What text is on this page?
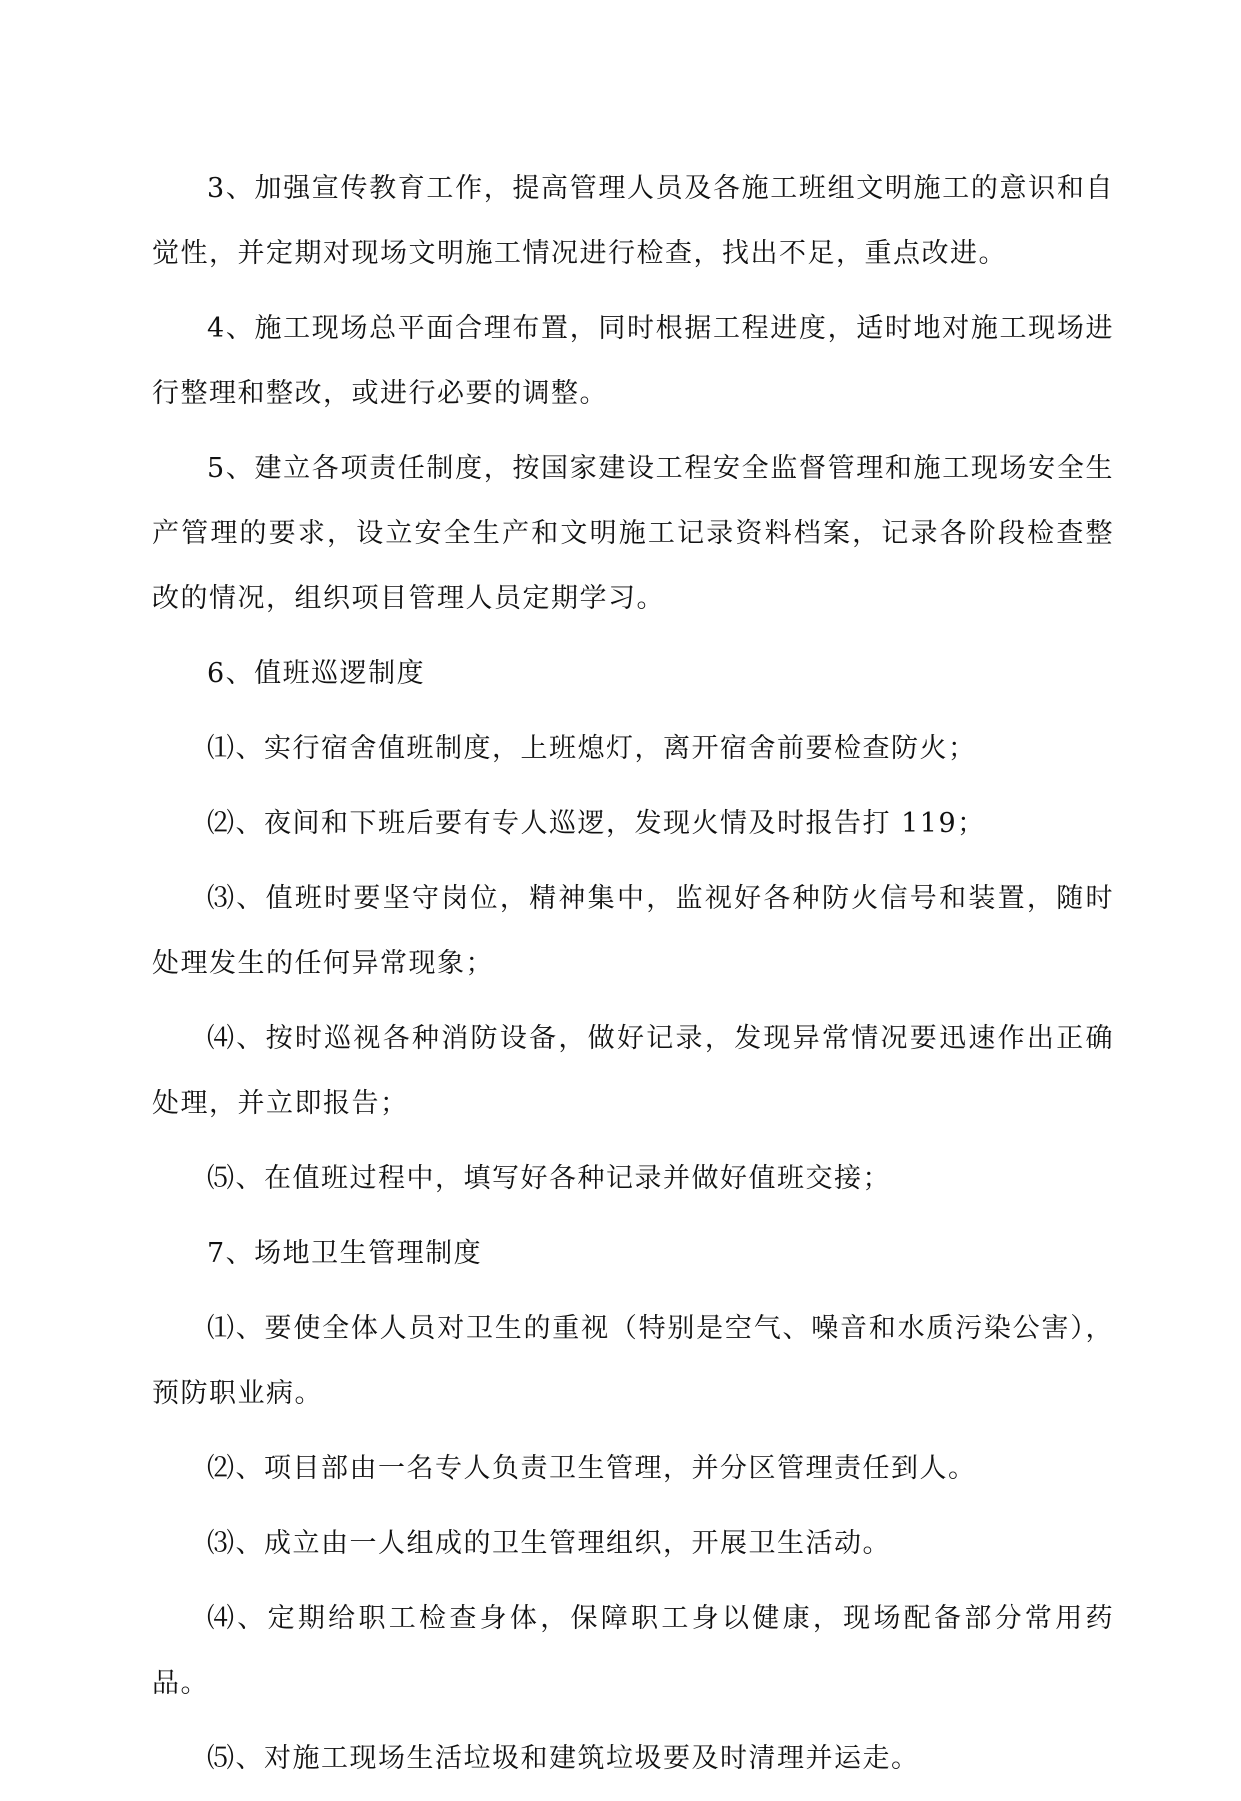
3、加强宣传教育工作，提高管理人员及各施工班组文明施工的意识和自觉性，并定期对现场文明施工情况进行检查，找出不足，重点改进。

4、施工现场总平面合理布置，同时根据工程进度，适时地对施工现场进行整理和整改，或进行必要的调整。

5、建立各项责任制度，按国家建设工程安全监督管理和施工现场安全生产管理的要求，设立安全生产和文明施工记录资料档案，记录各阶段检查整改的情况，组织项目管理人员定期学习。

6、值班巡逻制度

⑴、实行宿舍值班制度，上班熄灯，离开宿舍前要检查防火；

⑵、夜间和下班后要有专人巡逻，发现火情及时报告打 119；

⑶、值班时要坚守岗位，精神集中，监视好各种防火信号和装置，随时处理发生的任何异常现象；

⑷、按时巡视各种消防设备，做好记录，发现异常情况要迅速作出正确处理，并立即报告；

⑸、在值班过程中，填写好各种记录并做好值班交接；

7、场地卫生管理制度

⑴、要使全体人员对卫生的重视（特别是空气、噪音和水质污染公害），预防职业病。

⑵、项目部由一名专人负责卫生管理，并分区管理责任到人。

⑶、成立由一人组成的卫生管理组织，开展卫生活动。

⑷、定期给职工检查身体，保障职工身以健康，现场配备部分常用药品。

⑸、对施工现场生活垃圾和建筑垃圾要及时清理并运走。
